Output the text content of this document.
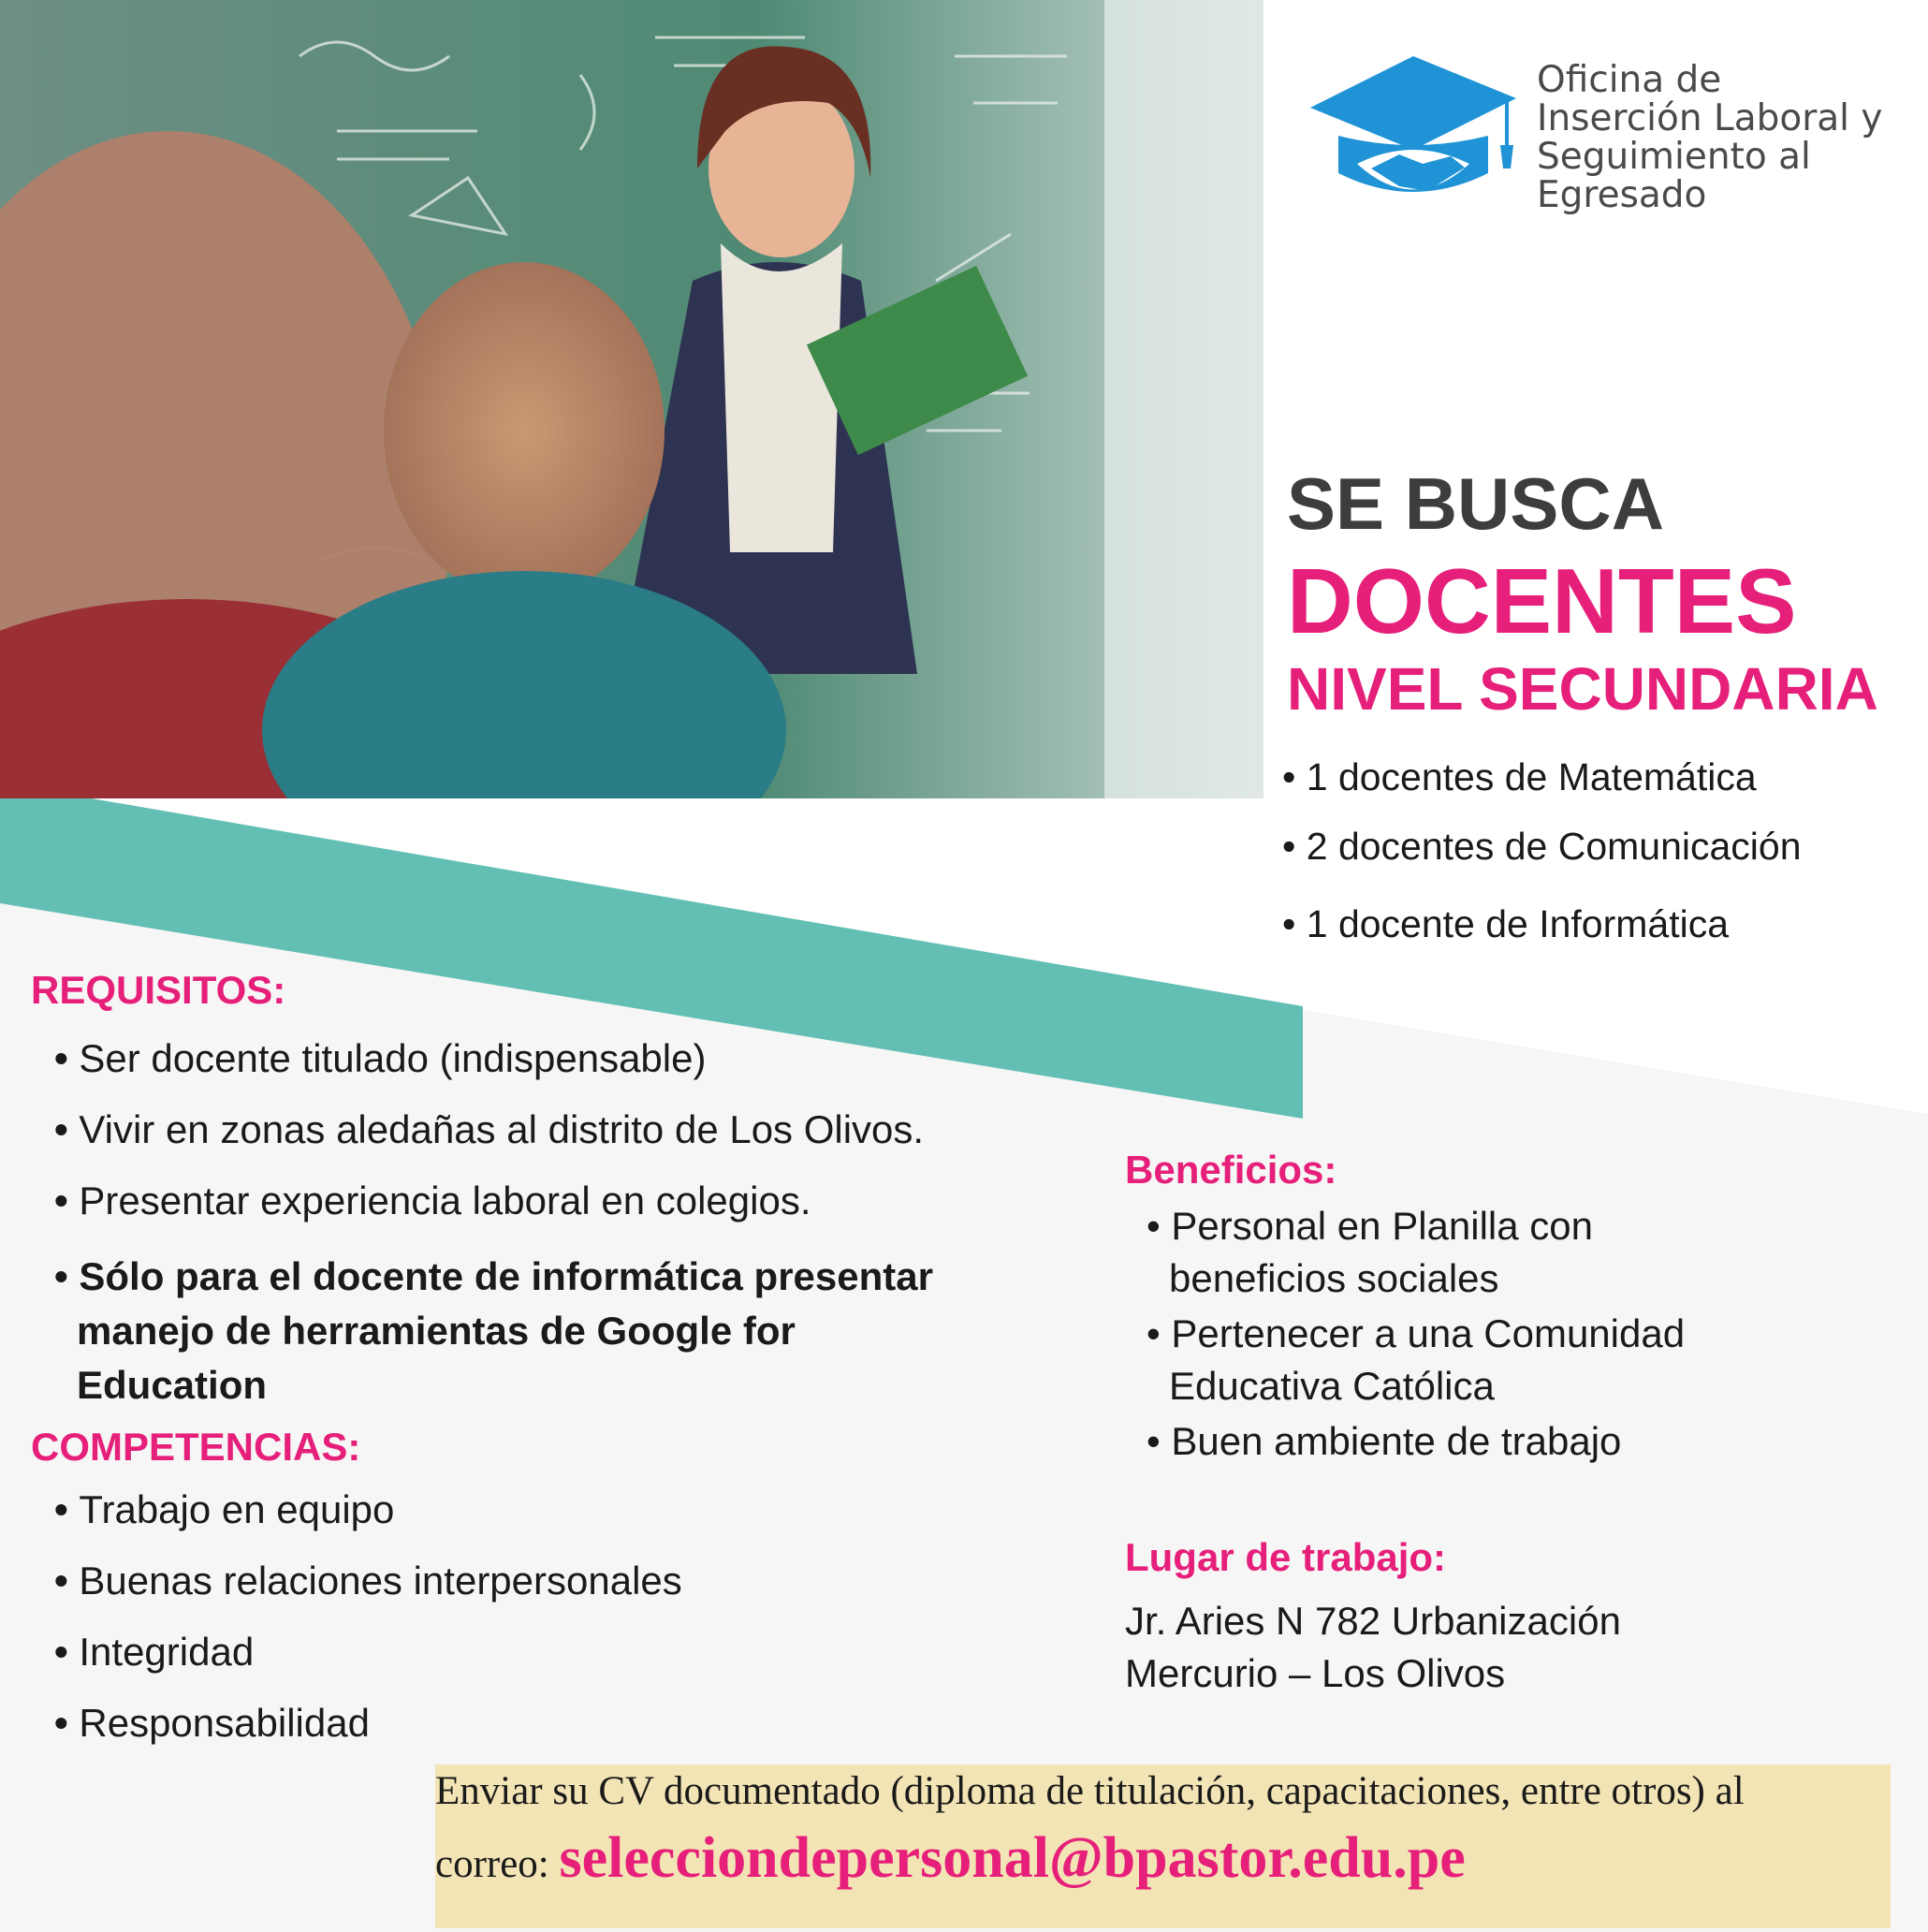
Oficina de
Inserción Laboral y
Seguimiento al
Egresado
SE BUSCA
DOCENTES
NIVEL SECUNDARIA
• 1 docentes de Matemática
• 2 docentes de Comunicación
• 1 docente de Informática
REQUISITOS:
• Ser docente titulado (indispensable)
• Vivir en zonas aledañas al distrito de Los Olivos.
• Presentar experiencia laboral en colegios.
• Sólo para el docente de informática presentar
manejo de herramientas de Google for
Education
COMPETENCIAS:
• Trabajo en equipo
• Buenas relaciones interpersonales
• Integridad
• Responsabilidad
Beneficios:
• Personal en Planilla con
beneficios sociales
• Pertenecer a una Comunidad
Educativa Católica
• Buen ambiente de trabajo
Lugar de trabajo:
Jr. Aries N 782 Urbanización
Mercurio – Los Olivos
Enviar su CV documentado (diploma de titulación, capacitaciones, entre otros) al
correo: selecciondepersonal@bpastor.edu.pe
